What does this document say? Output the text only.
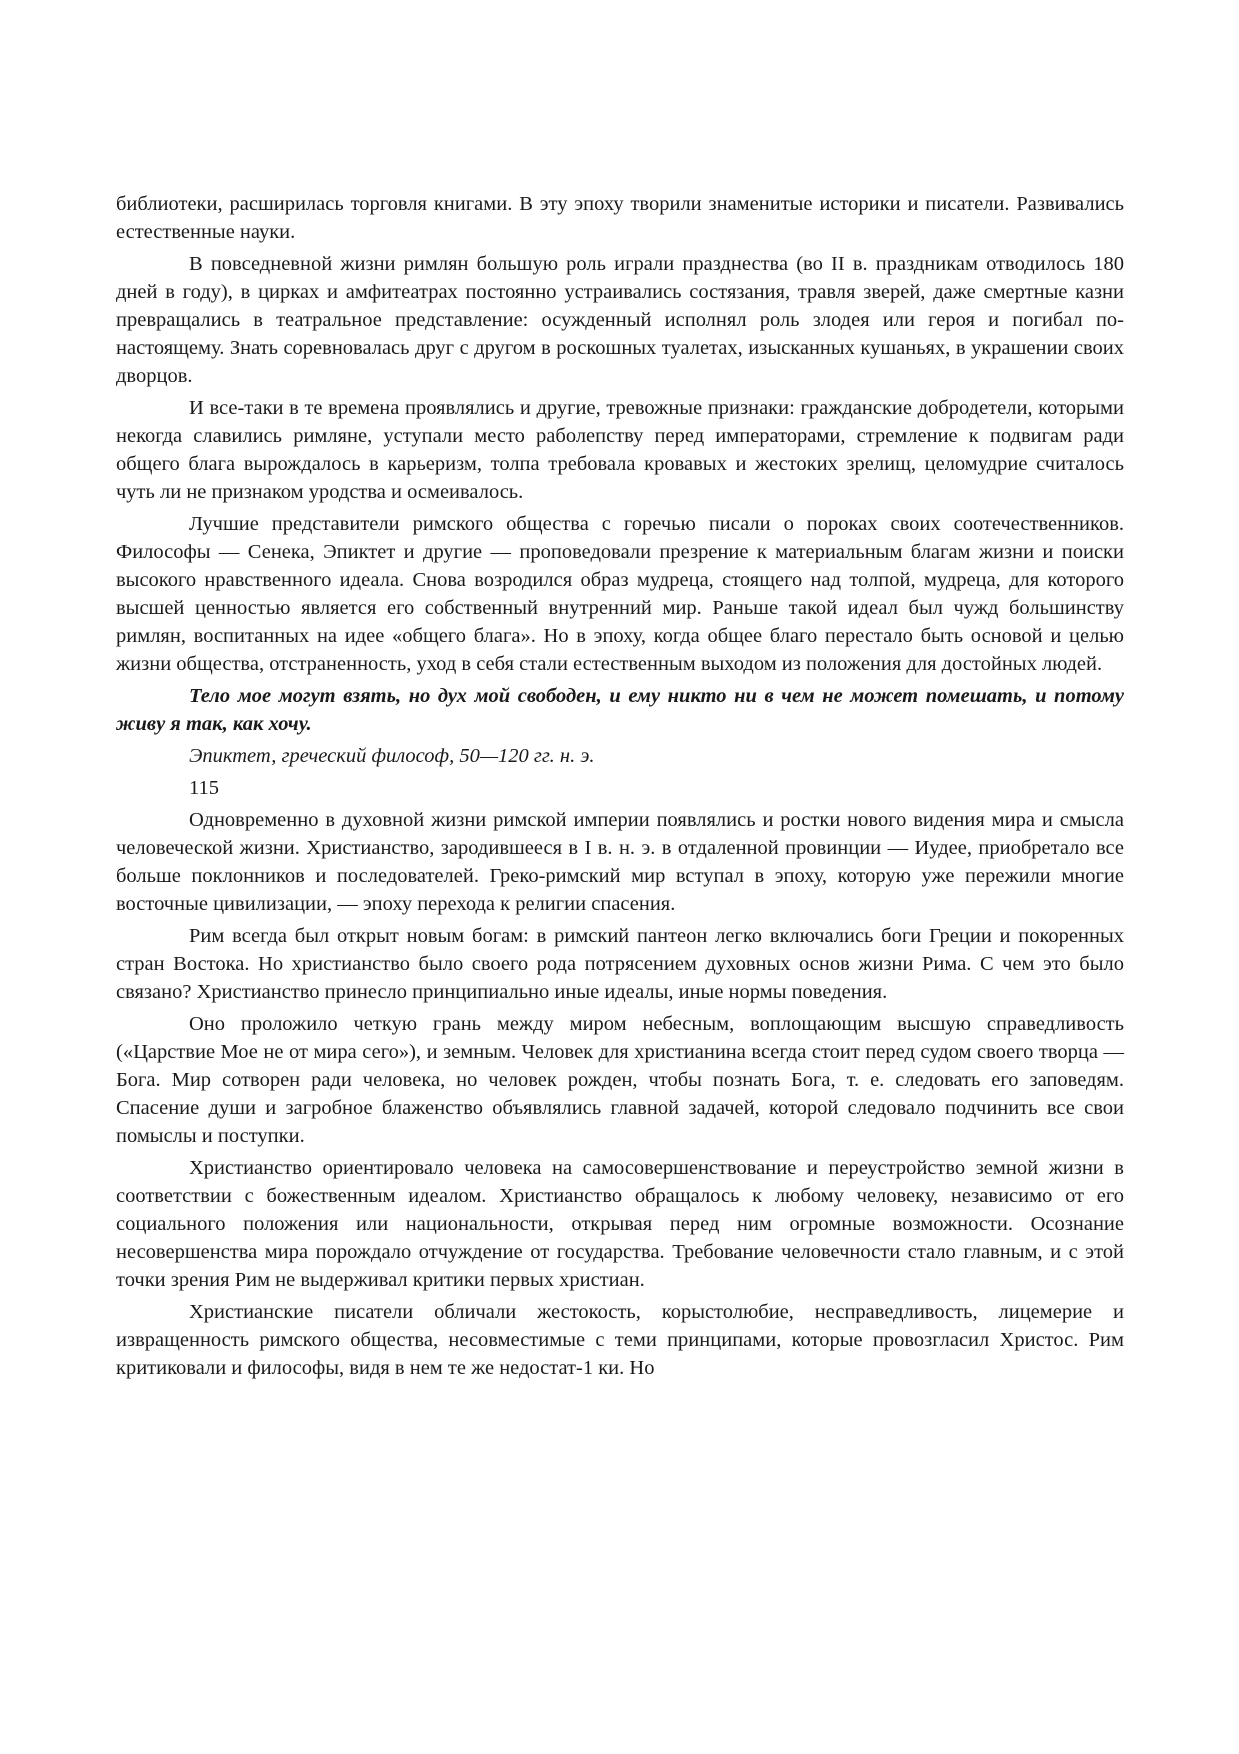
библиотеки, расширилась торговля книгами. В эту эпоху творили знаменитые историки и писатели. Развивались естественные науки.

В повседневной жизни римлян большую роль играли празднества (во II в. праздникам отводилось 180 дней в году), в цирках и амфитеатрах постоянно устраивались состязания, травля зверей, даже смертные казни превращались в театральное представление: осужденный исполнял роль злодея или героя и погибал по-настоящему. Знать соревновалась друг с другом в роскошных туалетах, изысканных кушаньях, в украшении своих дворцов.

И все-таки в те времена проявлялись и другие, тревожные признаки: гражданские добродетели, которыми некогда славились римляне, уступали место раболепству перед императорами, стремление к подвигам ради общего блага вырождалось в карьеризм, толпа требовала кровавых и жестоких зрелищ, целомудрие считалось чуть ли не признаком уродства и осмеивалось.

Лучшие представители римского общества с горечью писали о пороках своих соотечественников. Философы — Сенека, Эпиктет и другие — проповедовали презрение к материальным благам жизни и поиски высокого нравственного идеала. Снова возродился образ мудреца, стоящего над толпой, мудреца, для которого высшей ценностью является его собственный внутренний мир. Раньше такой идеал был чужд большинству римлян, воспитанных на идее «общего блага». Но в эпоху, когда общее благо перестало быть основой и целью жизни общества, отстраненность, уход в себя стали естественным выходом из положения для достойных людей.

Тело мое могут взять, но дух мой свободен, и ему никто ни в чем не может помешать, и потому живу я так, как хочу.

Эпиктет, греческий философ, 50—120 гг. н. э.

115

Одновременно в духовной жизни римской империи появлялись и ростки нового видения мира и смысла человеческой жизни. Христианство, зародившееся в I в. н. э. в отдаленной провинции — Иудее, приобретало все больше поклонников и последователей. Греко-римский мир вступал в эпоху, которую уже пережили многие восточные цивилизации, — эпоху перехода к религии спасения.

Рим всегда был открыт новым богам: в римский пантеон легко включались боги Греции и покоренных стран Востока. Но христианство было своего рода потрясением духовных основ жизни Рима. С чем это было связано? Христианство принесло принципиально иные идеалы, иные нормы поведения.

Оно проложило четкую грань между миром небесным, воплощающим высшую справедливость («Царствие Мое не от мира сего»), и земным. Человек для христианина всегда стоит перед судом своего творца — Бога. Мир сотворен ради человека, но человек рожден, чтобы познать Бога, т. е. следовать его заповедям. Спасение души и загробное блаженство объявлялись главной задачей, которой следовало подчинить все свои помыслы и поступки.

Христианство ориентировало человека на самосовершенствование и переустройство земной жизни в соответствии с божественным идеалом. Христианство обращалось к любому человеку, независимо от его социального положения или национальности, открывая перед ним огромные возможности. Осознание несовершенства мира порождало отчуждение от государства. Требование человечности стало главным, и с этой точки зрения Рим не выдерживал критики первых христиан.

Христианские писатели обличали жестокость, корыстолюбие, несправедливость, лицемерие и извращенность римского общества, несовместимые с теми принципами, которые провозгласил Христос. Рим критиковали и философы, видя в нем те же недостат-1 ки. Но
